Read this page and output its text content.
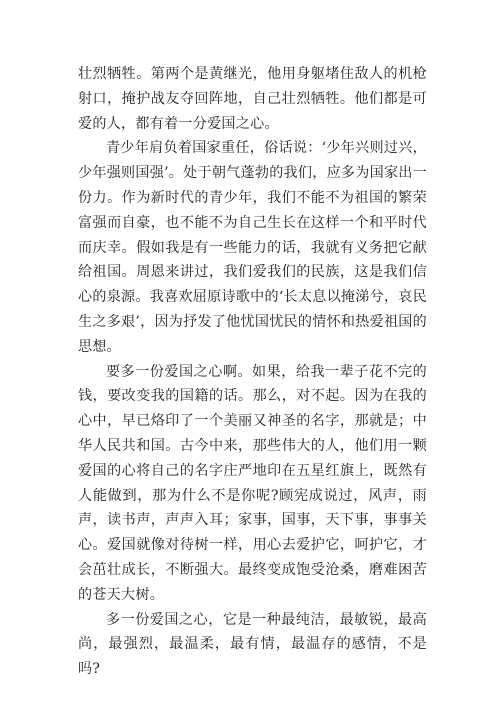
壮烈牺牲。第两个是黄继光，他用身躯堵住敌人的机枪射口，掩护战友夺回阵地，自己壮烈牺牲。他们都是可爱的人，都有着一分爱国之心。

青少年肩负着国家重任，俗话说：‘少年兴则过兴，少年强则国强’。处于朝气蓬勃的我们，应多为国家出一份力。作为新时代的青少年，我们不能不为祖国的繁荣富强而自豪，也不能不为自己生长在这样一个和平时代而庆幸。假如我是有一些能力的话，我就有义务把它献给祖国。周恩来讲过，我们爱我们的民族，这是我们信心的泉源。我喜欢屈原诗歌中的‘长太息以掩涕兮，哀民生之多艰’，因为抒发了他忧国忧民的情怀和热爱祖国的思想。

要多一份爱国之心啊。如果，给我一辈子花不完的钱，要改变我的国籍的话。那么，对不起。因为在我的心中，早已烙印了一个美丽又神圣的名字，那就是；中华人民共和国。古今中来，那些伟大的人，他们用一颗爱国的心将自己的名字庄严地印在五星红旗上，既然有人能做到，那为什么不是你呢?顾宪成说过，风声，雨声，读书声，声声入耳；家事，国事，天下事，事事关心。爱国就像对待树一样，用心去爱护它，呵护它，才会茁壮成长，不断强大。最终变成饱受沧桑，磨难困苦的苍天大树。

多一份爱国之心，它是一种最纯洁，最敏锐，最高尚，最强烈，最温柔，最有情，最温存的感情，不是吗?
